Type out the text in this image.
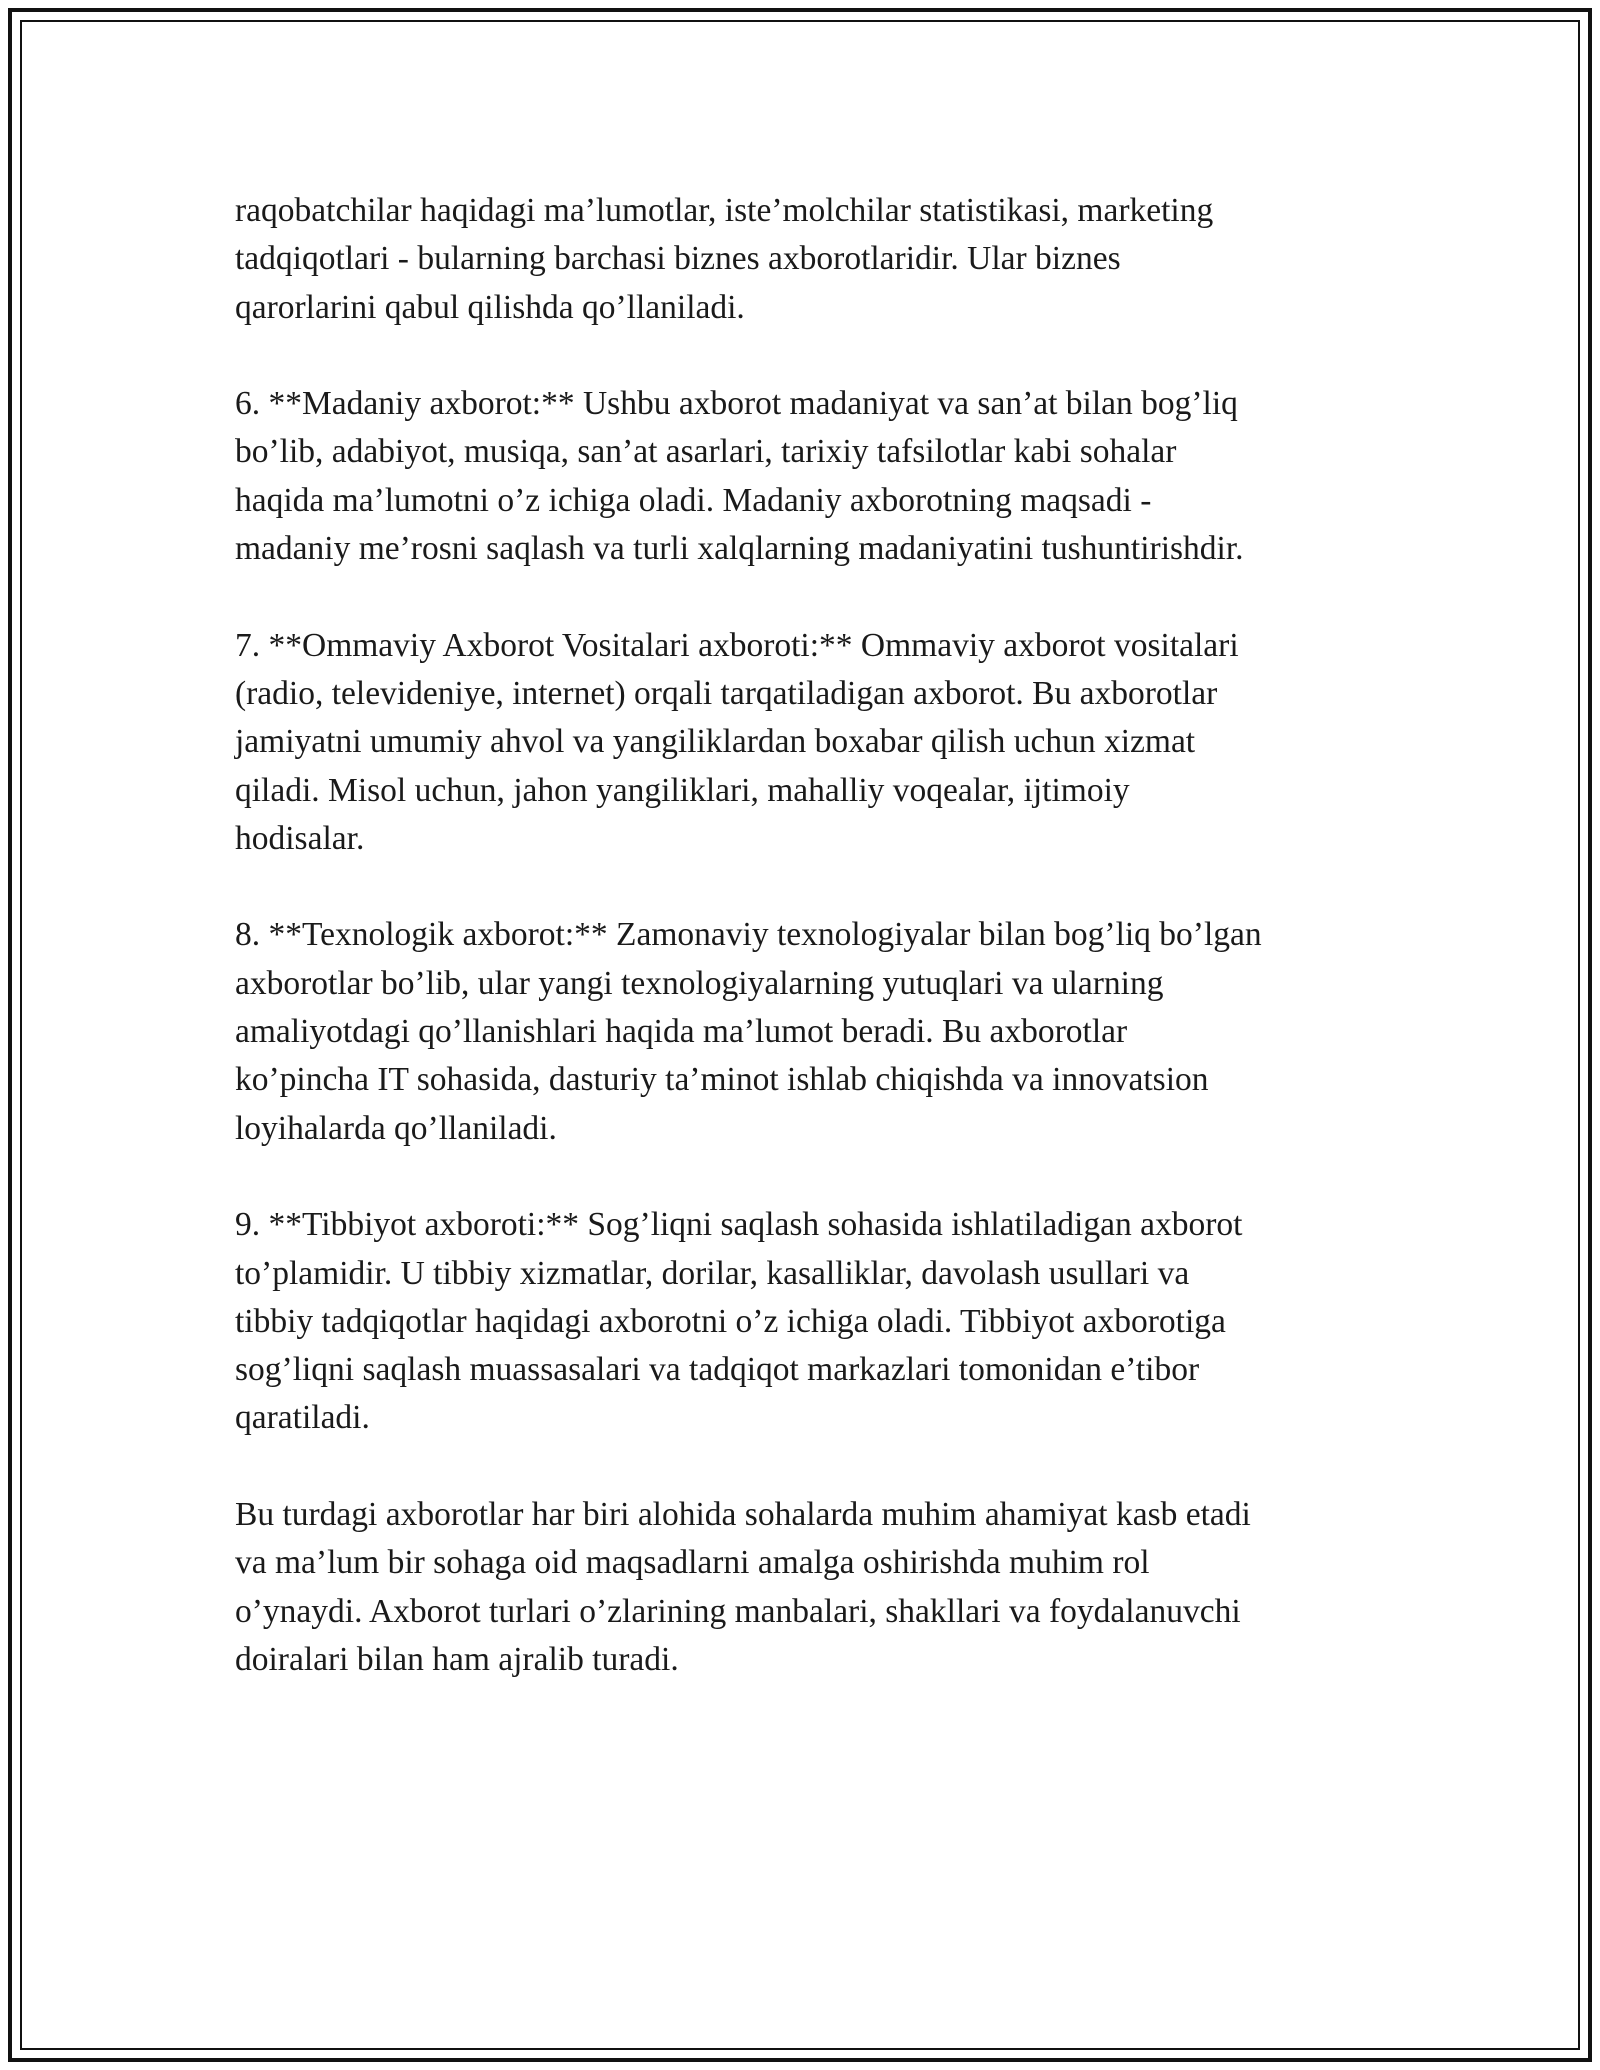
raqobatchilar haqidagi ma’lumotlar, iste’molchilar statistikasi, marketing
tadqiqotlari - bularning barchasi biznes axborotlaridir. Ular biznes
qarorlarini qabul qilishda qo’llaniladi.

6. **Madaniy axborot:** Ushbu axborot madaniyat va san’at bilan bog’liq
bo’lib, adabiyot, musiqa, san’at asarlari, tarixiy tafsilotlar kabi sohalar
haqida ma’lumotni o’z ichiga oladi. Madaniy axborotning maqsadi -
madaniy me’rosni saqlash va turli xalqlarning madaniyatini tushuntirishdir.

7. **Ommaviy Axborot Vositalari axboroti:** Ommaviy axborot vositalari
(radio, televideniye, internet) orqali tarqatiladigan axborot. Bu axborotlar
jamiyatni umumiy ahvol va yangiliklardan boxabar qilish uchun xizmat
qiladi. Misol uchun, jahon yangiliklari, mahalliy voqealar, ijtimoiy
hodisalar.

8. **Texnologik axborot:** Zamonaviy texnologiyalar bilan bog’liq bo’lgan
axborotlar bo’lib, ular yangi texnologiyalarning yutuqlari va ularning
amaliyotdagi qo’llanishlari haqida ma’lumot beradi. Bu axborotlar
ko’pincha IT sohasida, dasturiy ta’minot ishlab chiqishda va innovatsion
loyihalarda qo’llaniladi.

9. **Tibbiyot axboroti:** Sog’liqni saqlash sohasida ishlatiladigan axborot
to’plamidir. U tibbiy xizmatlar, dorilar, kasalliklar, davolash usullari va
tibbiy tadqiqotlar haqidagi axborotni o’z ichiga oladi. Tibbiyot axborotiga
sog’liqni saqlash muassasalari va tadqiqot markazlari tomonidan e’tibor
qaratiladi.

Bu turdagi axborotlar har biri alohida sohalarda muhim ahamiyat kasb etadi
va ma’lum bir sohaga oid maqsadlarni amalga oshirishda muhim rol
o’ynaydi. Axborot turlari o’zlarining manbalari, shakllari va foydalanuvchi
doiralari bilan ham ajralib turadi.
